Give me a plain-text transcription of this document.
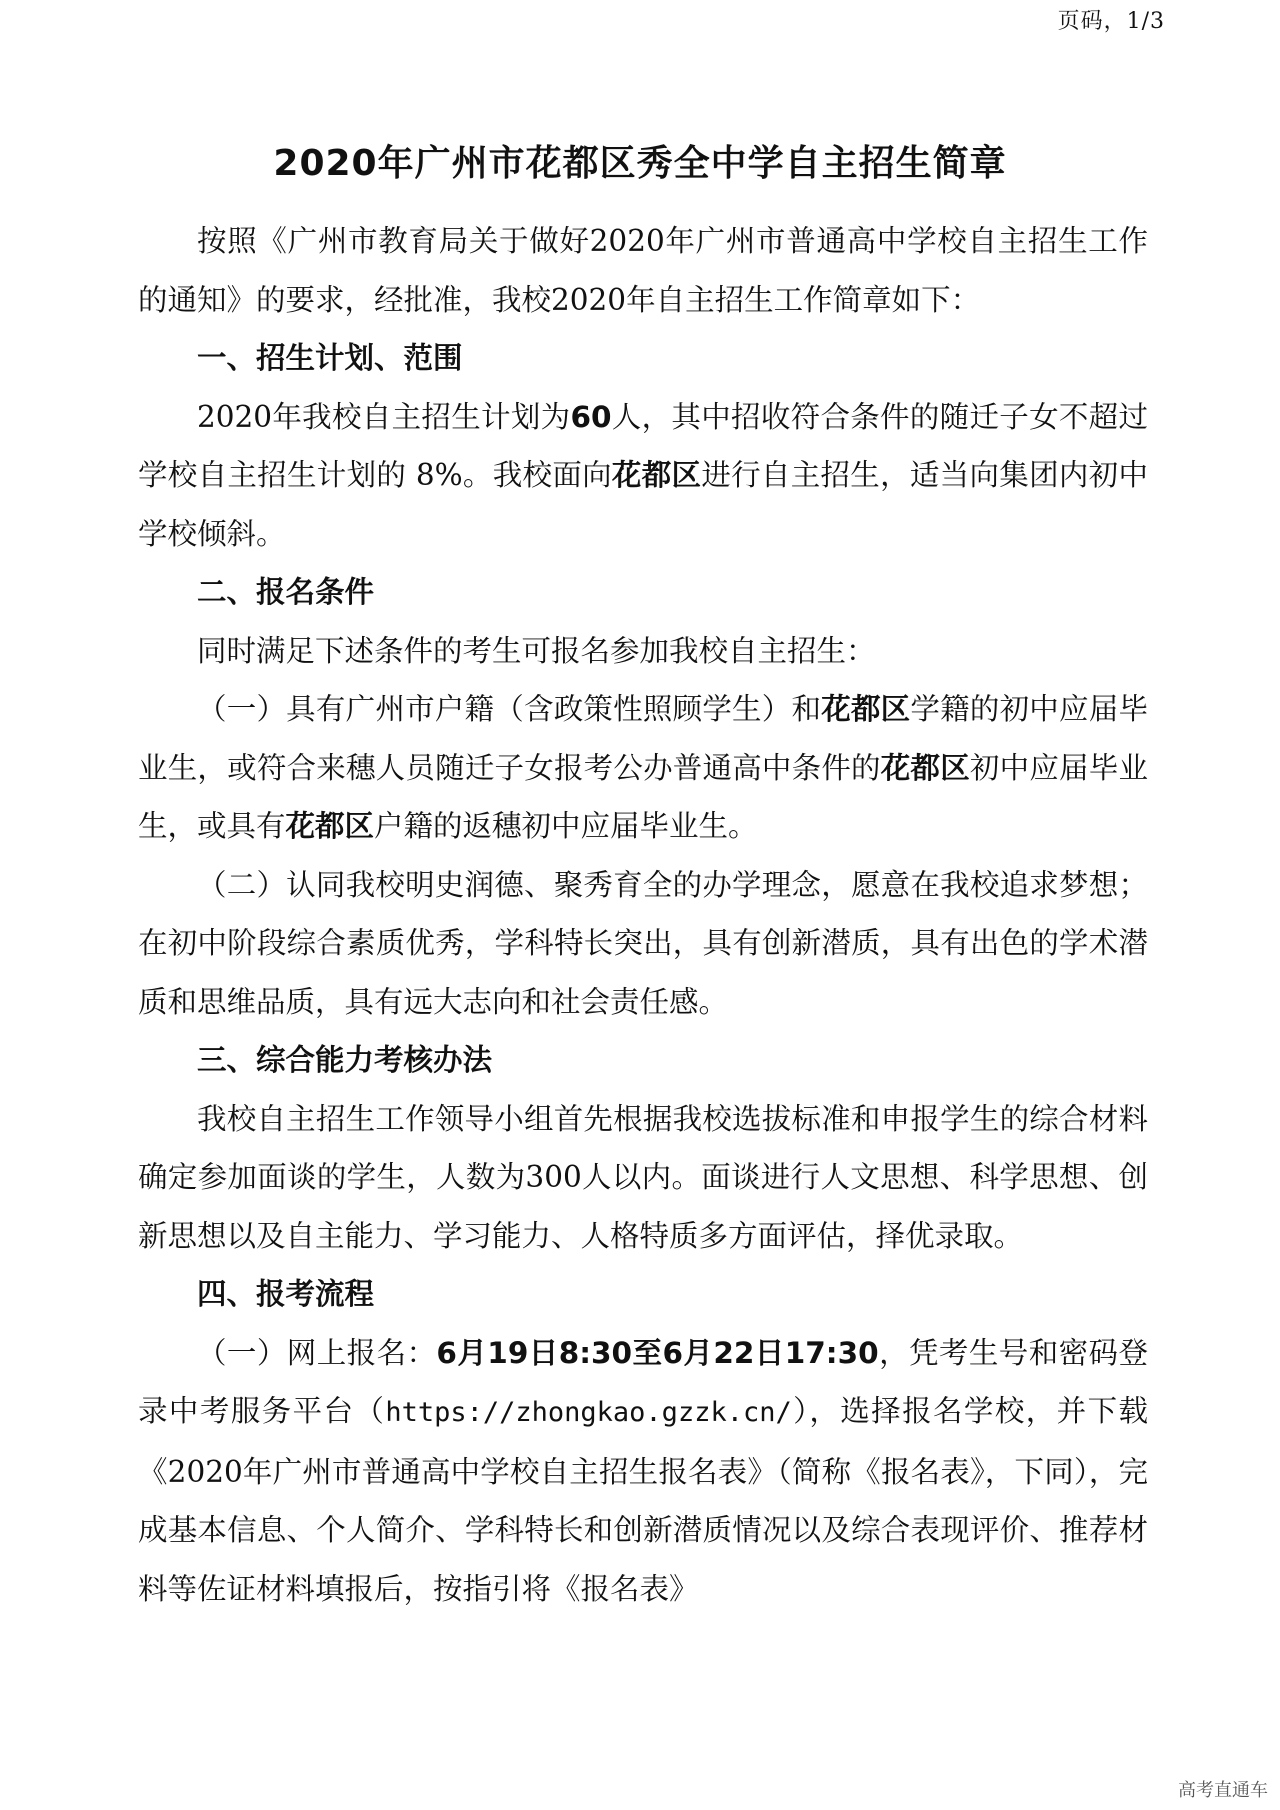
页码，1/3
2020年广州市花都区秀全中学自主招生简章

按照《广州市教育局关于做好2020年广州市普通高中学校自主招生工作的通知》的要求，经批准，我校2020年自主招生工作简章如下：

一、招生计划、范围

2020年我校自主招生计划为60人，其中招收符合条件的随迁子女不超过学校自主招生计划的 8%。我校面向花都区进行自主招生，适当向集团内初中学校倾斜。

二、报名条件

同时满足下述条件的考生可报名参加我校自主招生：

（一）具有广州市户籍（含政策性照顾学生）和花都区学籍的初中应届毕业生，或符合来穗人员随迁子女报考公办普通高中条件的花都区初中应届毕业生，或具有花都区户籍的返穗初中应届毕业生。

（二）认同我校明史润德、聚秀育全的办学理念，愿意在我校追求梦想；在初中阶段综合素质优秀，学科特长突出，具有创新潜质，具有出色的学术潜质和思维品质，具有远大志向和社会责任感。

三、综合能力考核办法

我校自主招生工作领导小组首先根据我校选拔标准和申报学生的综合材料确定参加面谈的学生，人数为300人以内。面谈进行人文思想、科学思想、创新思想以及自主能力、学习能力、人格特质多方面评估，择优录取。

四、报考流程

（一）网上报名：6月19日8:30至6月22日17:30，凭考生号和密码登录中考服务平台（https://zhongkao.gzzk.cn/），选择报名学校，并下载《2020年广州市普通高中学校自主招生报名表》（简称《报名表》，下同），完成基本信息、个人简介、学科特长和创新潜质情况以及综合表现评价、推荐材料等佐证材料填报后，按指引将《报名表》

高考直通车
